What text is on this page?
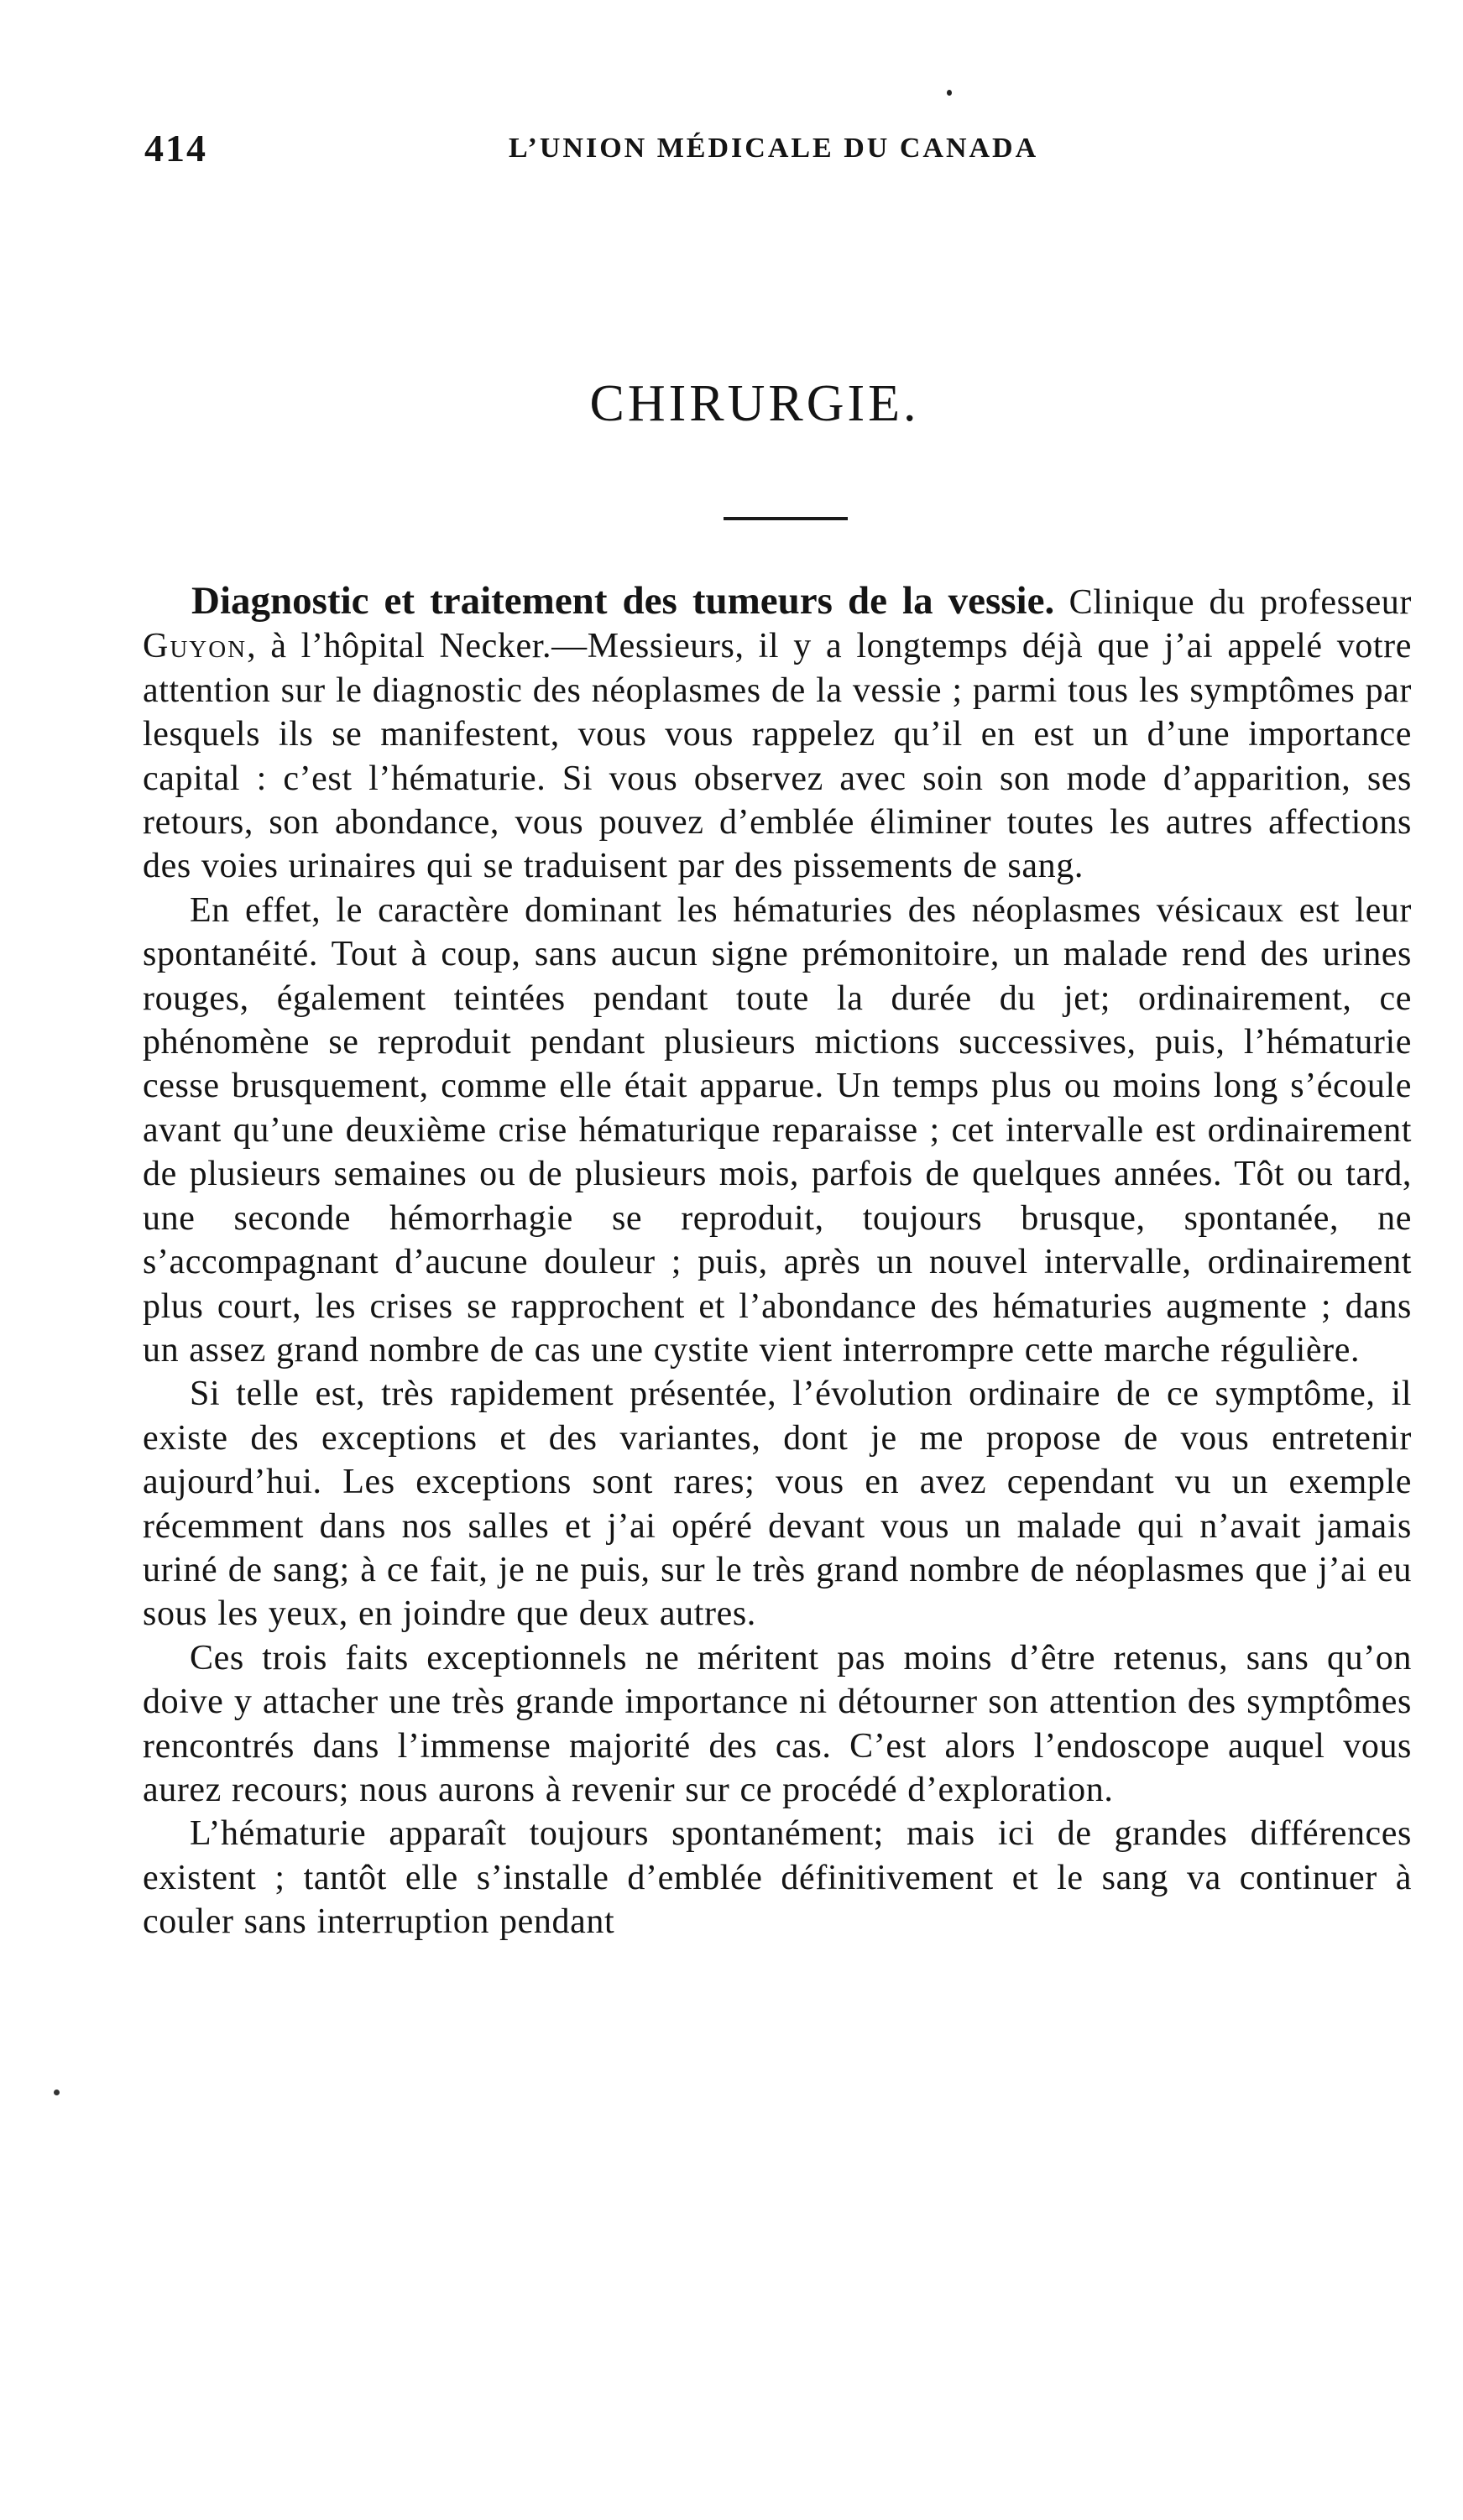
414	L’UNION MÉDICALE DU CANADA
CHIRURGIE.

Diagnostic et traitement des tumeurs de la vessie. Clinique du professeur Guyon, à l’hôpital Necker.—Messieurs, il y a longtemps déjà que j’ai appelé votre attention sur le diagnostic des néoplasmes de la vessie ; parmi tous les symptômes par lesquels ils se manifestent, vous vous rappelez qu’il en est un d’une importance capital : c’est l’hématurie. Si vous observez avec soin son mode d’apparition, ses retours, son abondance, vous pouvez d’emblée éliminer toutes les autres affections des voies urinaires qui se traduisent par des pissements de sang.

En effet, le caractère dominant les hématuries des néoplasmes vésicaux est leur spontanéité. Tout à coup, sans aucun signe prémonitoire, un malade rend des urines rouges, également teintées pendant toute la durée du jet; ordinairement, ce phénomène se reproduit pendant plusieurs mictions successives, puis, l’hématurie cesse brusquement, comme elle était apparue. Un temps plus ou moins long s’écoule avant qu’une deuxième crise hématurique reparaisse ; cet intervalle est ordinairement de plusieurs semaines ou de plusieurs mois, parfois de quelques années. Tôt ou tard, une seconde hémorrhagie se reproduit, toujours brusque, spontanée, ne s’accompagnant d’aucune douleur ; puis, après un nouvel intervalle, ordinairement plus court, les crises se rapprochent et l’abondance des hématuries augmente ; dans un assez grand nombre de cas une cystite vient interrompre cette marche régulière.

Si telle est, très rapidement présentée, l’évolution ordinaire de ce symptôme, il existe des exceptions et des variantes, dont je me propose de vous entretenir aujourd’hui. Les exceptions sont rares; vous en avez cependant vu un exemple récemment dans nos salles et j’ai opéré devant vous un malade qui n’avait jamais uriné de sang; à ce fait, je ne puis, sur le très grand nombre de néoplasmes que j’ai eu sous les yeux, en joindre que deux autres.

Ces trois faits exceptionnels ne méritent pas moins d’être retenus, sans qu’on doive y attacher une très grande importance ni détourner son attention des symptômes rencontrés dans l’immense majorité des cas. C’est alors l’endoscope auquel vous aurez recours; nous aurons à revenir sur ce procédé d’exploration.

L’hématurie apparaît toujours spontanément; mais ici de grandes différences existent ; tantôt elle s’installe d’emblée définitivement et le sang va continuer à couler sans interruption pendant
